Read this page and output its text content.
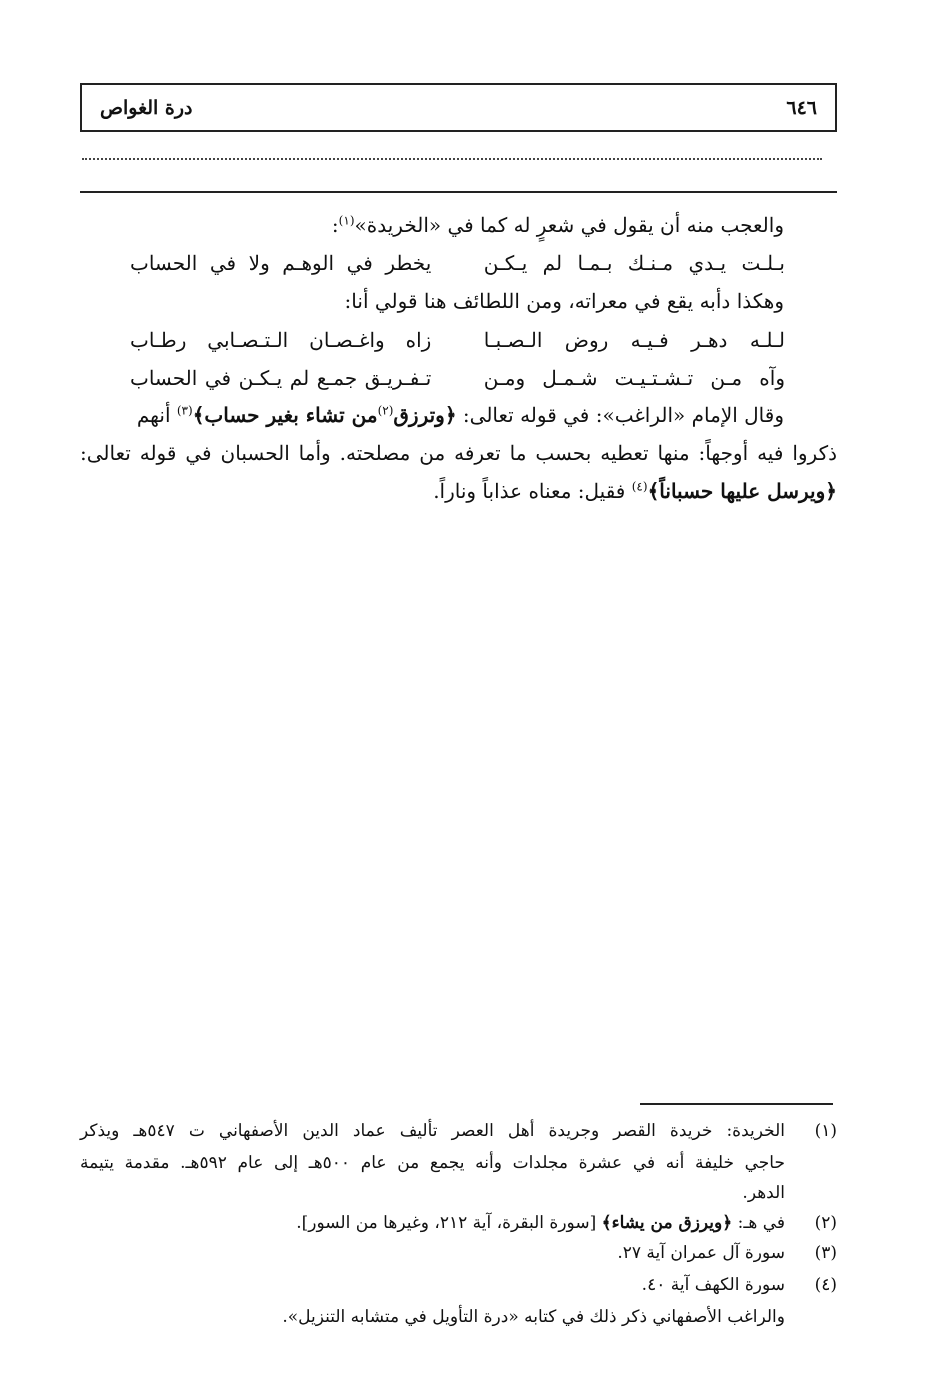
٦٤٦
درة الغواص
والعجب منه أن يقول في شعرٍ له كما في «الخريدة»$^{(١)}$:
بـلـت يـدي مـنـك بـمـا لم يـكـن
يخطر في الوهـم ولا في الحساب
وهكذا دأبه يقع في معراته، ومن اللطائف هنا قولي أنا:
لـلـه دهـر فـيـه روض الـصـبـا
زاه واغـصـان الـتـصـابي رطـاب
وآه مـن تـشـتـيـت شـمـل ومـن
تـفـريـق جمـع لم يـكـن في الحساب
وقال الإمام «الراغب»: في قوله تعالى: ﴿وترزق$^{(٢)}$من تشاء بغير حساب﴾$^{(٣)}$ أنهم
ذكروا فيه أوجهاً: منها تعطيه بحسب ما تعرفه من مصلحته. وأما الحسبان في قوله تعالى:
﴿ويرسل عليها حسباناً﴾$^{(٤)}$ فقيل: معناه عذاباً وناراً.
(١)
الخريدة: خريدة القصر وجريدة أهل العصر تأليف عماد الدين الأصفهاني ت ٥٤٧هـ ويذكر
حاجي خليفة أنه في عشرة مجلدات وأنه يجمع من عام ٥٠٠هـ إلى عام ٥٩٢هـ. مقدمة يتيمة
الدهر.
(٢)
في هـ: ﴿ويرزق من يشاء﴾ [سورة البقرة، آية ٢١٢، وغيرها من السور].
(٣)
سورة آل عمران آية ٢٧.
(٤)
سورة الكهف آية ٤٠.
والراغب الأصفهاني ذكر ذلك في كتابه «درة التأويل في متشابه التنزيل».
